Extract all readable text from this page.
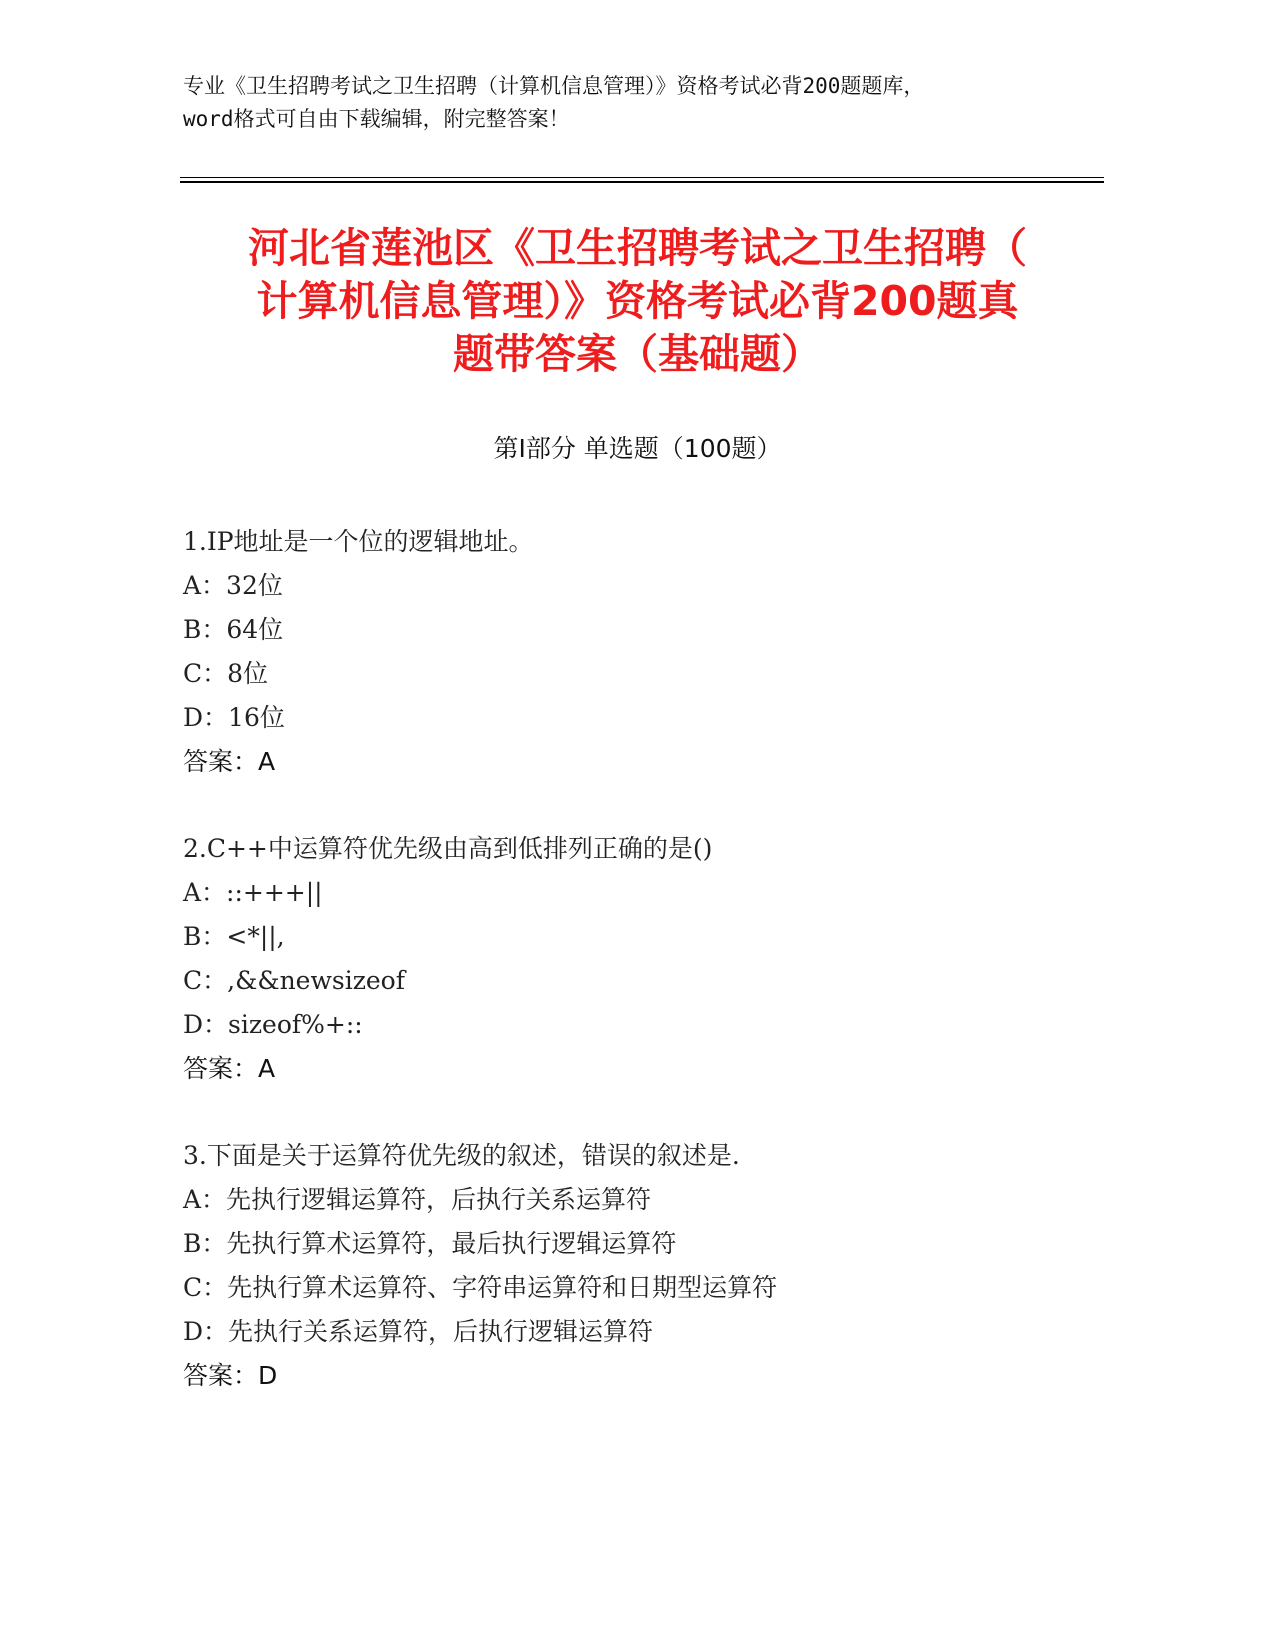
专业《卫生招聘考试之卫生招聘（计算机信息管理）》资格考试必背200题题库，
word格式可自由下载编辑，附完整答案！
河北省莲池区《卫生招聘考试之卫生招聘（
计算机信息管理）》资格考试必背200题真
题带答案（基础题）
第Ⅰ部分 单选题（100题）
1.IP地址是一个位的逻辑地址。
A：32位
B：64位
C：8位
D：16位
答案：A
2.C++中运算符优先级由高到低排列正确的是()
A：::+++||
B：<*||,
C：,&&newsizeof
D：sizeof%+::
答案：A
3.下面是关于运算符优先级的叙述，错误的叙述是.
A：先执行逻辑运算符，后执行关系运算符
B：先执行算术运算符，最后执行逻辑运算符
C：先执行算术运算符、字符串运算符和日期型运算符
D：先执行关系运算符，后执行逻辑运算符
答案：D
